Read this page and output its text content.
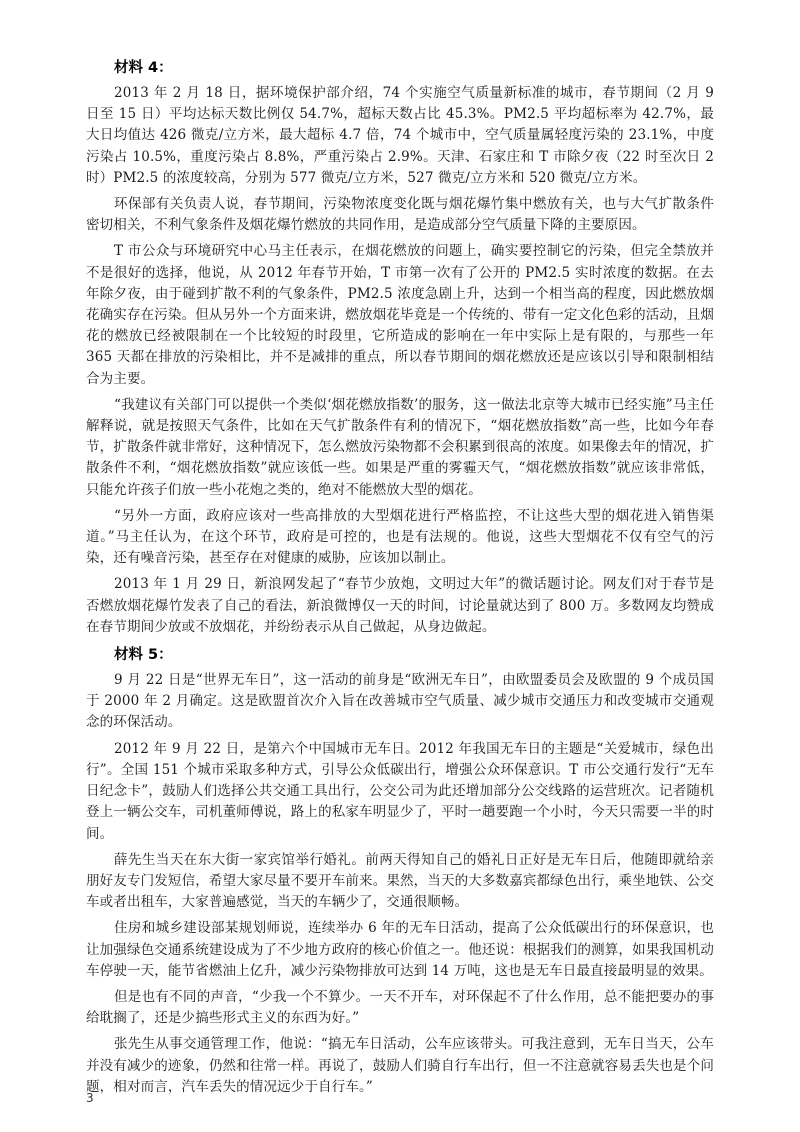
材料 4：

2013 年 2 月 18 日，据环境保护部介绍，74 个实施空气质量新标准的城市，春节期间（2 月 9 日至 15 日）平均达标天数比例仅 54.7%，超标天数占比 45.3%。PM2.5 平均超标率为 42.7%，最大日均值达 426 微克/立方米，最大超标 4.7 倍，74 个城市中，空气质量属轻度污染的 23.1%，中度污染占 10.5%，重度污染占 8.8%，严重污染占 2.9%。天津、石家庄和 T 市除夕夜（22 时至次日 2 时）PM2.5 的浓度较高，分别为 577 微克/立方米，527 微克/立方米和 520 微克/立方米。

环保部有关负责人说，春节期间，污染物浓度变化既与烟花爆竹集中燃放有关，也与大气扩散条件密切相关，不利气象条件及烟花爆竹燃放的共同作用，是造成部分空气质量下降的主要原因。

T 市公众与环境研究中心马主任表示，在烟花燃放的问题上，确实要控制它的污染，但完全禁放并不是很好的选择，他说，从 2012 年春节开始，T 市第一次有了公开的 PM2.5 实时浓度的数据。在去年除夕夜，由于碰到扩散不利的气象条件，PM2.5 浓度急剧上升，达到一个相当高的程度，因此燃放烟花确实存在污染。但从另外一个方面来讲，燃放烟花毕竟是一个传统的、带有一定文化色彩的活动，且烟花的燃放已经被限制在一个比较短的时段里，它所造成的影响在一年中实际上是有限的，与那些一年 365 天都在排放的污染相比，并不是减排的重点，所以春节期间的烟花燃放还是应该以引导和限制相结合为主要。

“我建议有关部门可以提供一个类似‘烟花燃放指数’的服务，这一做法北京等大城市已经实施”马主任解释说，就是按照天气条件，比如在天气扩散条件有利的情况下，“烟花燃放指数”高一些，比如今年春节，扩散条件就非常好，这种情况下，怎么燃放污染物都不会积累到很高的浓度。如果像去年的情况，扩散条件不利，“烟花燃放指数”就应该低一些。如果是严重的雾霾天气，“烟花燃放指数”就应该非常低，只能允许孩子们放一些小花炮之类的，绝对不能燃放大型的烟花。

“另外一方面，政府应该对一些高排放的大型烟花进行严格监控，不让这些大型的烟花进入销售渠道。”马主任认为，在这个环节，政府是可控的，也是有法规的。他说，这些大型烟花不仅有空气的污染，还有噪音污染，甚至存在对健康的威胁，应该加以制止。

2013 年 1 月 29 日，新浪网发起了“春节少放炮，文明过大年”的微话题讨论。网友们对于春节是否燃放烟花爆竹发表了自己的看法，新浪微博仅一天的时间，讨论量就达到了 800 万。多数网友均赞成在春节期间少放或不放烟花，并纷纷表示从自己做起，从身边做起。

材料 5：

9 月 22 日是“世界无车日”，这一活动的前身是“欧洲无车日”，由欧盟委员会及欧盟的 9 个成员国于 2000 年 2 月确定。这是欧盟首次介入旨在改善城市空气质量、减少城市交通压力和改变城市交通观念的环保活动。

2012 年 9 月 22 日，是第六个中国城市无车日。2012 年我国无车日的主题是“关爱城市，绿色出行”。全国 151 个城市采取多种方式，引导公众低碳出行，增强公众环保意识。T 市公交通行发行“无车日纪念卡”，鼓励人们选择公共交通工具出行，公交公司为此还增加部分公交线路的运营班次。记者随机登上一辆公交车，司机董师傅说，路上的私家车明显少了，平时一趟要跑一个小时，今天只需要一半的时间。

薛先生当天在东大街一家宾馆举行婚礼。前两天得知自己的婚礼日正好是无车日后，他随即就给亲朋好友专门发短信，希望大家尽量不要开车前来。果然，当天的大多数嘉宾都绿色出行，乘坐地铁、公交车或者出租车，大家普遍感觉，当天的车辆少了，交通很顺畅。

住房和城乡建设部某规划师说，连续举办 6 年的无车日活动，提高了公众低碳出行的环保意识，也让加强绿色交通系统建设成为了不少地方政府的核心价值之一。他还说：根据我们的测算，如果我国机动车停驶一天，能节省燃油上亿升，减少污染物排放可达到 14 万吨，这也是无车日最直接最明显的效果。

但是也有不同的声音，“少我一个不算少。一天不开车，对环保起不了什么作用，总不能把要办的事给耽搁了，还是少搞些形式主义的东西为好。”

张先生从事交通管理工作，他说：“搞无车日活动，公车应该带头。可我注意到，无车日当天，公车并没有减少的迹象，仍然和往常一样。再说了，鼓励人们骑自行车出行，但一不注意就容易丢失也是个问题，相对而言，汽车丢失的情况远少于自行车。”

3
